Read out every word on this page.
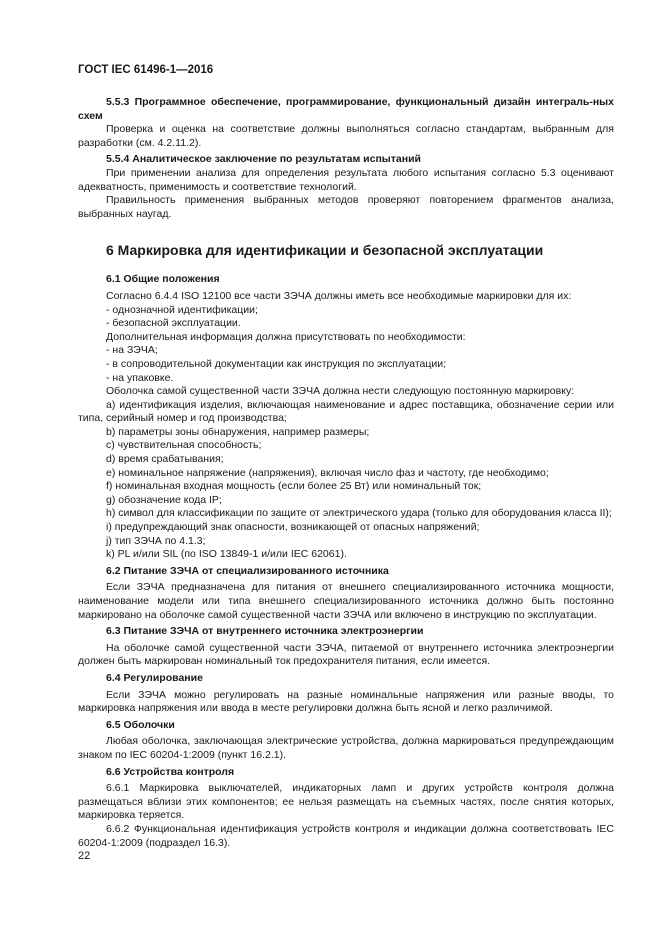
ГОСТ IEC 61496-1—2016

5.5.3 Программное обеспечение, программирование, функциональный дизайн интеграль-ных схем

Проверка и оценка на соответствие должны выполняться согласно стандартам, выбранным для разработки (см. 4.2.11.2).

5.5.4 Аналитическое заключение по результатам испытаний

При применении анализа для определения результата любого испытания согласно 5.3 оценивают адекватность, применимость и соответствие технологий.

Правильность применения выбранных методов проверяют повторением фрагментов анализа, выбранных наугад.

6 Маркировка для идентификации и безопасной эксплуатации

6.1 Общие положения

Согласно 6.4.4 ISO 12100 все части ЗЭЧА должны иметь все необходимые маркировки для их:

- однозначной идентификации;

- безопасной эксплуатации.

Дополнительная информация должна присутствовать по необходимости:

- на ЗЭЧА;

- в сопроводительной документации как инструкция по эксплуатации;

- на упаковке.

Оболочка самой существенной части ЗЭЧА должна нести следующую постоянную маркировку:

a) идентификация изделия, включающая наименование и адрес поставщика, обозначение серии или типа, серийный номер и год производства;

b) параметры зоны обнаружения, например размеры;

c) чувствительная способность;

d) время срабатывания;

e) номинальное напряжение (напряжения), включая число фаз и частоту, где необходимо;

f) номинальная входная мощность (если более 25 Вт) или номинальный ток;

g) обозначение кода IP;

h) символ для классификации по защите от электрического удара (только для оборудования класса II);

i) предупреждающий знак опасности, возникающей от опасных напряжений;

j) тип ЗЭЧА по 4.1.3;

k) PL и/или SIL (по ISO 13849-1 и/или IEC 62061).

6.2 Питание ЗЭЧА от специализированного источника

Если ЗЭЧА предназначена для питания от внешнего специализированного источника мощности, наименование модели или типа внешнего специализированного источника должно быть постоянно маркировано на оболочке самой существенной части ЗЭЧА или включено в инструкцию по эксплуатации.

6.3 Питание ЗЭЧА от внутреннего источника электроэнергии

На оболочке самой существенной части ЗЭЧА, питаемой от внутреннего источника электроэнергии должен быть маркирован номинальный ток предохранителя питания, если имеется.

6.4 Регулирование

Если ЗЭЧА можно регулировать на разные номинальные напряжения или разные вводы, то маркировка напряжения или ввода в месте регулировки должна быть ясной и легко различимой.

6.5 Оболочки

Любая оболочка, заключающая электрические устройства, должна маркироваться предупреждающим знаком по IEC 60204-1:2009 (пункт 16.2.1).

6.6 Устройства контроля

6.6.1 Маркировка выключателей, индикаторных ламп и других устройств контроля должна размещаться вблизи этих компонентов; ее нельзя размещать на съемных частях, после снятия которых, маркировка теряется.

6.6.2 Функциональная идентификация устройств контроля и индикации должна соответствовать IEC 60204-1:2009 (подраздел 16.3).

22
